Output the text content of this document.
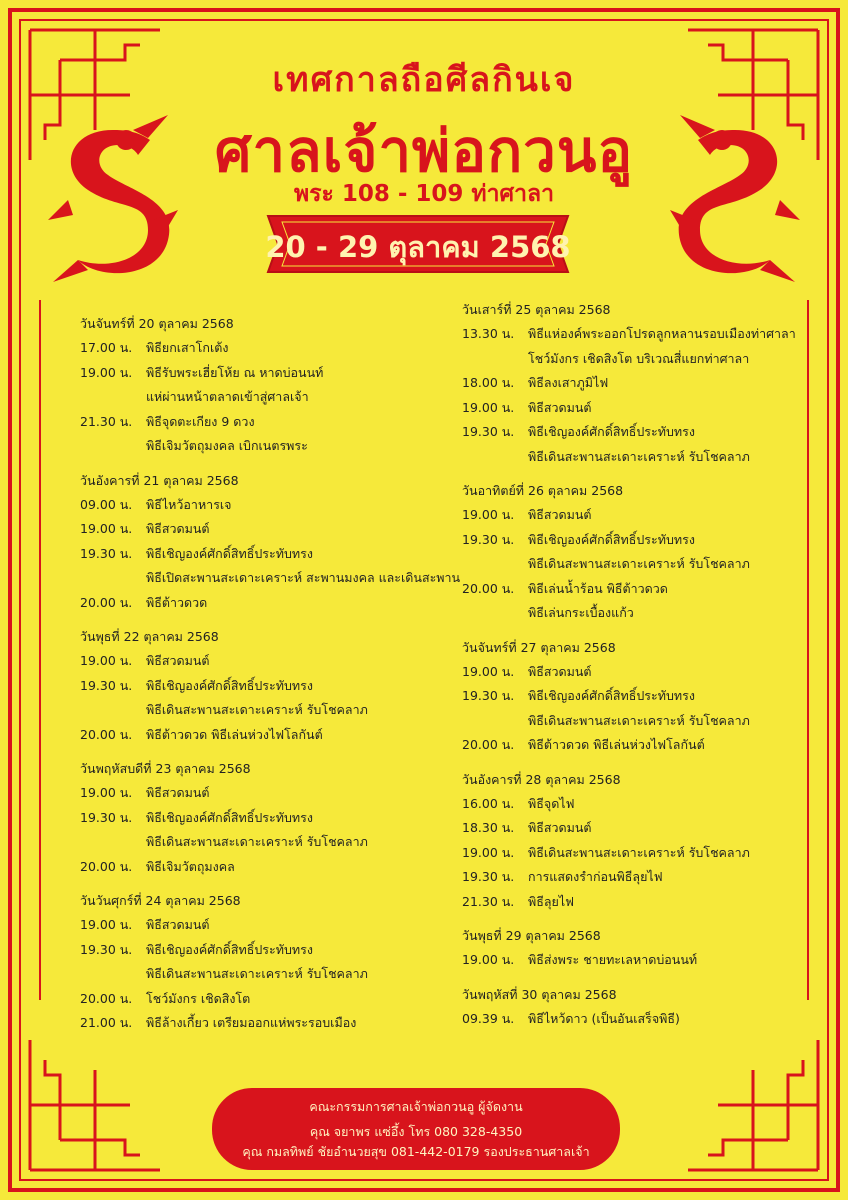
เทศกาลถือศีลกินเจ
ศาลเจ้าพ่อกวนอู
พระ 108 - 109 ท่าศาลา
20 - 29 ตุลาคม 2568
วันจันทร์ที่ 20 ตุลาคม 2568
17.00 น.	พิธียกเสาโกเต้ง
19.00 น.	พิธีรับพระเฮี่ยโห้ย ณ หาดบ่อนนท์
แห่ผ่านหน้าตลาดเข้าสู่ศาลเจ้า
21.30 น.	พิธีจุดตะเกียง 9 ดวง
พิธีเจิมวัตถุมงคล เบิกเนตรพระ
วันอังคารที่ 21 ตุลาคม 2568
09.00 น.	พิธีไหว้อาหารเจ
19.00 น.	พิธีสวดมนต์
19.30 น.	พิธีเชิญองค์ศักดิ์สิทธิ์ประทับทรง
พิธีเปิดสะพานสะเดาะเคราะห์ สะพานมงคล และเดินสะพาน
20.00 น.	พิธีต้าวดวด
วันพุธที่ 22 ตุลาคม 2568
19.00 น.	พิธีสวดมนต์
19.30 น.	พิธีเชิญองค์ศักดิ์สิทธิ์ประทับทรง
พิธีเดินสะพานสะเดาะเคราะห์ รับโชคลาภ
20.00 น.	พิธีต้าวดวด พิธีเล่นห่วงไฟโลกันต์
วันพฤหัสบดีที่ 23 ตุลาคม 2568
19.00 น.	พิธีสวดมนต์
19.30 น.	พิธีเชิญองค์ศักดิ์สิทธิ์ประทับทรง
พิธีเดินสะพานสะเดาะเคราะห์ รับโชคลาภ
20.00 น.	พิธีเจิมวัตถุมงคล
วันวันศุกร์ที่ 24 ตุลาคม 2568
19.00 น.	พิธีสวดมนต์
19.30 น.	พิธีเชิญองค์ศักดิ์สิทธิ์ประทับทรง
พิธีเดินสะพานสะเดาะเคราะห์ รับโชคลาภ
20.00 น.	โชว์มังกร เชิดสิงโต
21.00 น.	พิธีล้างเกี้ยว เตรียมออกแห่พระรอบเมือง
วันเสาร์ที่ 25 ตุลาคม 2568
13.30 น.	พิธีแห่องค์พระออกโปรดลูกหลานรอบเมืองท่าศาลา
โชว์มังกร เชิดสิงโต บริเวณสี่แยกท่าศาลา
18.00 น.	พิธีลงเสาภูมิไฟ
19.00 น.	พิธีสวดมนต์
19.30 น.	พิธีเชิญองค์ศักดิ์สิทธิ์ประทับทรง
พิธีเดินสะพานสะเดาะเคราะห์ รับโชคลาภ
วันอาทิตย์ที่ 26 ตุลาคม 2568
19.00 น.	พิธีสวดมนต์
19.30 น.	พิธีเชิญองค์ศักดิ์สิทธิ์ประทับทรง
พิธีเดินสะพานสะเดาะเคราะห์ รับโชคลาภ
20.00 น.	พิธีเล่นน้ำร้อน พิธีต้าวดวด
พิธีเล่นกระเบื้องแก้ว
วันจันทร์ที่ 27 ตุลาคม 2568
19.00 น.	พิธีสวดมนต์
19.30 น.	พิธีเชิญองค์ศักดิ์สิทธิ์ประทับทรง
พิธีเดินสะพานสะเดาะเคราะห์ รับโชคลาภ
20.00 น.	พิธีต้าวดวด พิธีเล่นห่วงไฟโลกันต์
วันอังคารที่ 28 ตุลาคม 2568
16.00 น.	พิธีจุดไฟ
18.30 น.	พิธีสวดมนต์
19.00 น.	พิธีเดินสะพานสะเดาะเคราะห์ รับโชคลาภ
19.30 น.	การแสดงรำก่อนพิธีลุยไฟ
21.30 น.	พิธีลุยไฟ
วันพุธที่ 29 ตุลาคม 2568
19.00 น.	พิธีส่งพระ ชายทะเลหาดบ่อนนท์
วันพฤหัสที่ 30 ตุลาคม 2568
09.39 น.	พิธีไหว้ดาว (เป็นอันเสร็จพิธี)
คณะกรรมการศาลเจ้าพ่อกวนอู ผู้จัดงาน
คุณ จยาพร แซ่อึ้ง โทร 080 328-4350
คุณ กมลทิพย์ ชัยอำนวยสุข 081-442-0179 รองประธานศาลเจ้า
